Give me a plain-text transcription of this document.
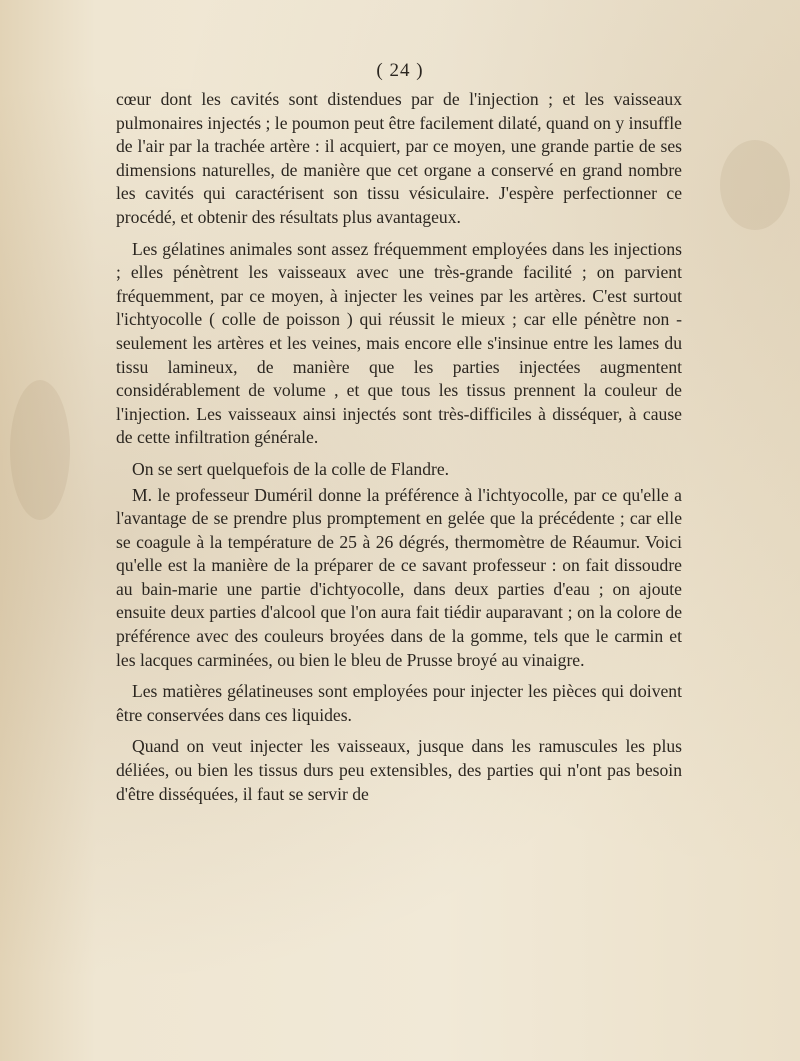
( 24 )

cœur dont les cavités sont distendues par de l'injection ; et les vaisseaux pulmonaires injectés ; le poumon peut être facilement dilaté, quand on y insuffle de l'air par la trachée artère : il acquiert, par ce moyen, une grande partie de ses dimensions naturelles, de manière que cet organe a conservé en grand nombre les cavités qui caractérisent son tissu vésiculaire. J'espère perfectionner ce procédé, et obtenir des résultats plus avantageux.

Les gélatines animales sont assez fréquemment employées dans les injections ; elles pénètrent les vaisseaux avec une très-grande facilité ; on parvient fréquemment, par ce moyen, à injecter les veines par les artères. C'est surtout l'ichtyocolle ( colle de poisson ) qui réussit le mieux ; car elle pénètre non - seulement les artères et les veines, mais encore elle s'insinue entre les lames du tissu lamineux, de manière que les parties injectées augmentent considérablement de volume , et que tous les tissus prennent la couleur de l'injection. Les vaisseaux ainsi injectés sont très-difficiles à disséquer, à cause de cette infiltration générale.

On se sert quelquefois de la colle de Flandre.

M. le professeur Duméril donne la préférence à l'ichtyocolle, par ce qu'elle a l'avantage de se prendre plus promptement en gelée que la précédente ; car elle se coagule à la température de 25 à 26 dégrés, thermomètre de Réaumur. Voici qu'elle est la manière de la préparer de ce savant professeur : on fait dissoudre au bain-marie une partie d'ichtyocolle, dans deux parties d'eau ; on ajoute ensuite deux parties d'alcool que l'on aura fait tiédir auparavant ; on la colore de préférence avec des couleurs broyées dans de la gomme, tels que le carmin et les lacques carminées, ou bien le bleu de Prusse broyé au vinaigre.

Les matières gélatineuses sont employées pour injecter les pièces qui doivent être conservées dans ces liquides.

Quand on veut injecter les vaisseaux, jusque dans les ramuscules les plus déliées, ou bien les tissus durs peu extensibles, des parties qui n'ont pas besoin d'être disséquées, il faut se servir de
